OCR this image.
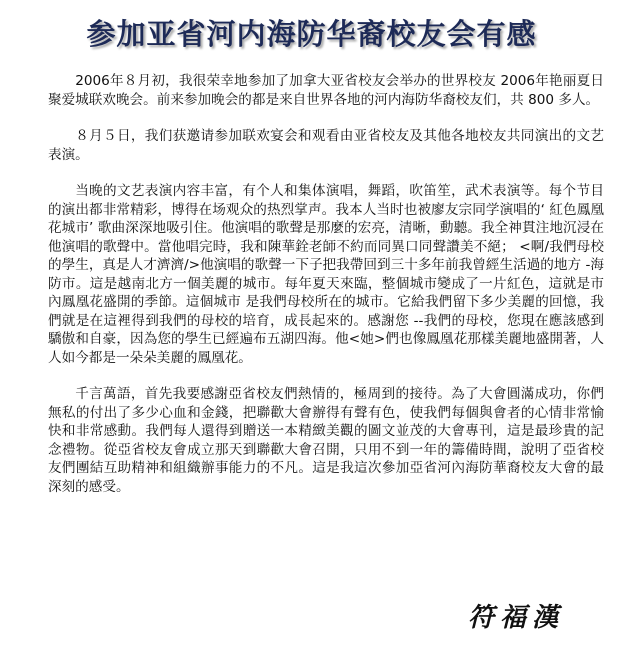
参加亚省河内海防华裔校友会有感

2006年８月初，我很荣幸地参加了加拿大亚省校友会举办的世界校友 2006年艳丽夏日聚爱城联欢晚会。前来参加晚会的都是来自世界各地的河内海防华裔校友们，共 800 多人。

８月５日，我们获邀请参加联欢宴会和观看由亚省校友及其他各地校友共同演出的文艺表演。

当晚的文艺表演内容丰富，有个人和集体演唱，舞蹈，吹笛笙，武术表演等。每个节目的演出都非常精彩，博得在场观众的热烈掌声。我本人当时也被廖友宗同学演唱的‘ 紅色鳳凰花城市’ 歌曲深深地吸引住。他演唱的歌聲是那麼的宏亮，清晰，動聽。我全神貫注地沉浸在他演唱的歌聲中。當他唱完時，我和陳華銓老師不約而同異口同聲讚美不絕； <啊/我們母校的學生，真是人才濟濟/>他演唱的歌聲一下子把我帶回到三十多年前我曾經生活過的地方 -海防市。這是越南北方一個美麗的城市。每年夏天來臨，整個城市變成了一片紅色，這就是市內鳳凰花盛開的季節。這個城市 是我們母校所在的城市。它給我們留下多少美麗的回憶，我們就是在這裡得到我們的母校的培育，成長起來的。感謝您 --我們的母校，您現在應該感到驕傲和自豪，因為您的學生已經遍布五湖四海。他<她>們也像鳳凰花那樣美麗地盛開著，人人如今都是一朵朵美麗的鳳凰花。

千言萬語，首先我要感謝亞省校友們熱情的，極周到的接待。為了大會圓滿成功，你們無私的付出了多少心血和金錢，把聯歡大會辦得有聲有色，使我們每個與會者的心情非常愉快和非常感動。我們每人還得到贈送一本精緻美觀的圖文並茂的大會專刊，這是最珍貴的記念禮物。從亞省校友會成立那天到聯歡大會召開，只用不到一年的籌備時間，說明了亞省校友們團結互助精神和組織辦事能力的不凡。這是我這次參加亞省河內海防華裔校友大會的最深刻的感受。

符福漢
